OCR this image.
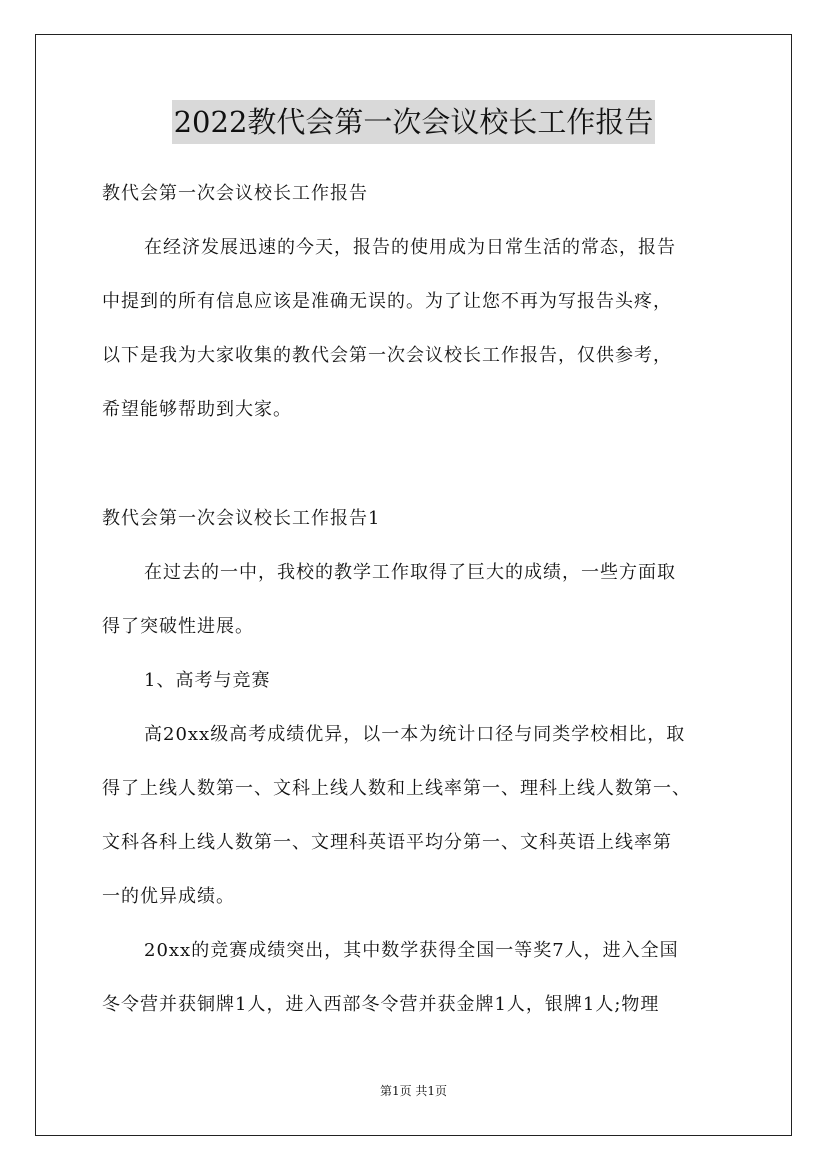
2022教代会第一次会议校长工作报告
教代会第一次会议校长工作报告
在经济发展迅速的今天，报告的使用成为日常生活的常态，报告
中提到的所有信息应该是准确无误的。为了让您不再为写报告头疼，
以下是我为大家收集的教代会第一次会议校长工作报告，仅供参考，
希望能够帮助到大家。
教代会第一次会议校长工作报告1
在过去的一中，我校的教学工作取得了巨大的成绩，一些方面取
得了突破性进展。
1、高考与竞赛
高20xx级高考成绩优异，以一本为统计口径与同类学校相比，取
得了上线人数第一、文科上线人数和上线率第一、理科上线人数第一、
文科各科上线人数第一、文理科英语平均分第一、文科英语上线率第
一的优异成绩。
20xx的竞赛成绩突出，其中数学获得全国一等奖7人，进入全国
冬令营并获铜牌1人，进入西部冬令营并获金牌1人，银牌1人;物理
第1页 共1页
